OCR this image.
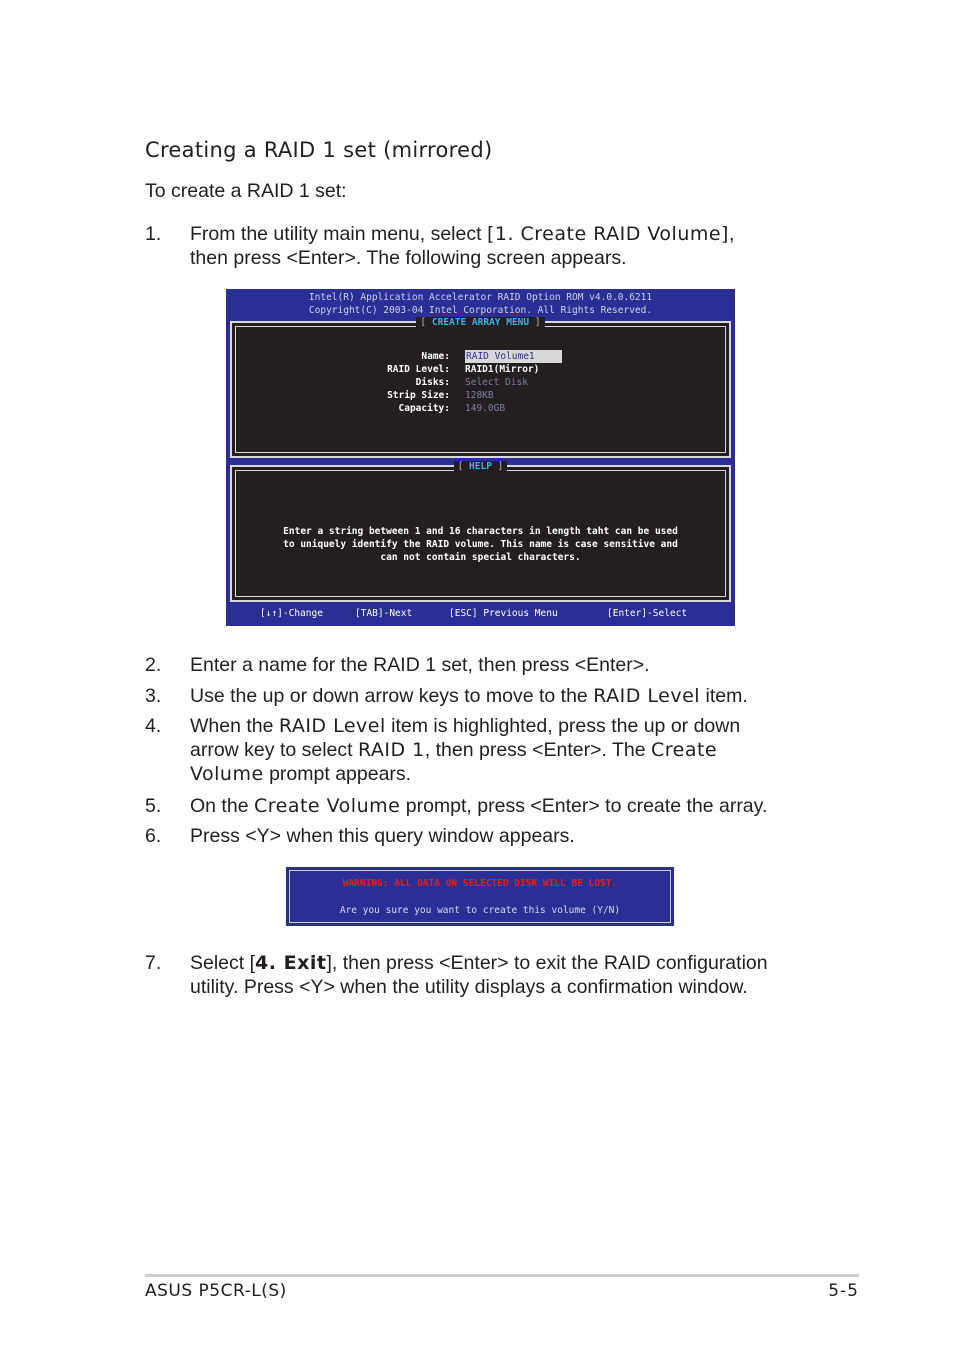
Creating a RAID 1 set (mirrored)
To create a RAID 1 set:
1. From the utility main menu, select [1. Create RAID Volume],
then press <Enter>. The following screen appears.
Intel(R) Application Accelerator RAID Option ROM v4.0.0.6211
Copyright(C) 2003-04 Intel Corporation. All Rights Reserved.
[ CREATE ARRAY MENU ]
Name: RAID Volume1
RAID Level: RAID1(Mirror)
Disks: Select Disk
Strip Size: 128KB
Capacity: 149.0GB
[ HELP ]
Enter a string between 1 and 16 characters in length taht can be used
to uniquely identify the RAID volume. This name is case sensitive and
can not contain special characters.
[↓↑]-Change	[TAB]-Next	[ESC] Previous Menu	[Enter]-Select
2. Enter a name for the RAID 1 set, then press <Enter>.
3. Use the up or down arrow keys to move to the RAID Level item.
4. When the RAID Level item is highlighted, press the up or down
arrow key to select RAID 1, then press <Enter>. The Create
Volume prompt appears.
5. On the Create Volume prompt, press <Enter> to create the array.
6. Press <Y> when this query window appears.
WARNING: ALL DATA ON SELECTED DISK WILL BE LOST.
Are you sure you want to create this volume (Y/N)
7. Select [4. Exit], then press <Enter> to exit the RAID configuration
utility. Press <Y> when the utility displays a confirmation window.
ASUS P5CR-L(S)	5-5
